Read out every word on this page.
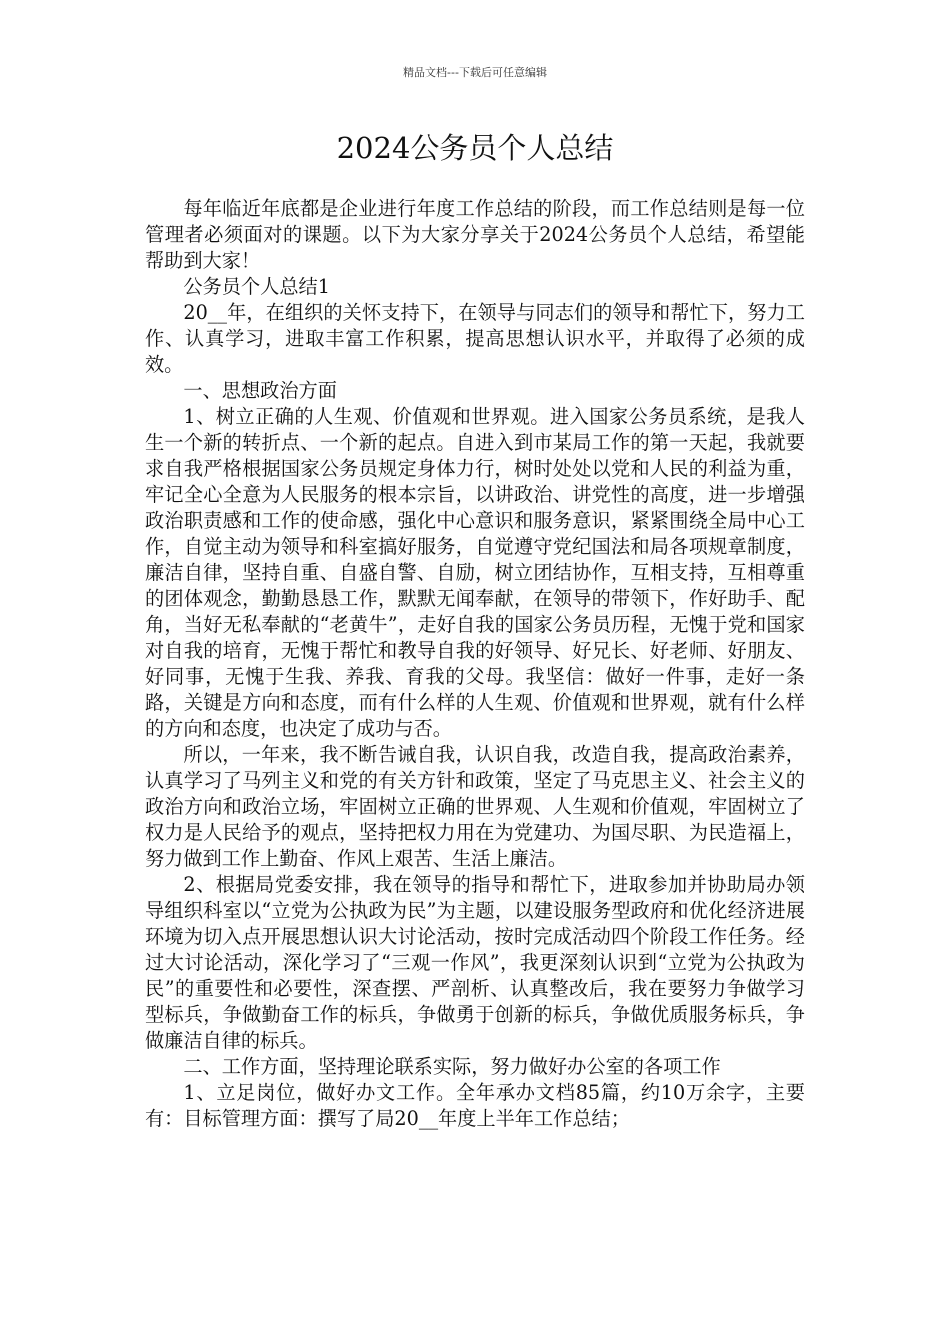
精品文档---下载后可任意编辑
2024公务员个人总结

每年临近年底都是企业进行年度工作总结的阶段，而工作总结则是每一位管理者必须面对的课题。以下为大家分享关于2024公务员个人总结，希望能帮助到大家！

公务员个人总结1

20__年，在组织的关怀支持下，在领导与同志们的领导和帮忙下，努力工作、认真学习，进取丰富工作积累，提高思想认识水平，并取得了必须的成效。

一、思想政治方面

1、树立正确的人生观、价值观和世界观。进入国家公务员系统，是我人生一个新的转折点、一个新的起点。自进入到市某局工作的第一天起，我就要求自我严格根据国家公务员规定身体力行，树时处处以党和人民的利益为重，牢记全心全意为人民服务的根本宗旨，以讲政治、讲党性的高度，进一步增强政治职责感和工作的使命感，强化中心意识和服务意识，紧紧围绕全局中心工作，自觉主动为领导和科室搞好服务，自觉遵守党纪国法和局各项规章制度，廉洁自律，坚持自重、自盛自警、自励，树立团结协作，互相支持，互相尊重的团体观念，勤勤恳恳工作，默默无闻奉献，在领导的带领下，作好助手、配角，当好无私奉献的“老黄牛”，走好自我的国家公务员历程，无愧于党和国家对自我的培育，无愧于帮忙和教导自我的好领导、好兄长、好老师、好朋友、好同事，无愧于生我、养我、育我的父母。我坚信：做好一件事，走好一条路，关键是方向和态度，而有什么样的人生观、价值观和世界观，就有什么样的方向和态度，也决定了成功与否。

所以，一年来，我不断告诫自我，认识自我，改造自我，提高政治素养，认真学习了马列主义和党的有关方针和政策，坚定了马克思主义、社会主义的政治方向和政治立场，牢固树立正确的世界观、人生观和价值观，牢固树立了权力是人民给予的观点，坚持把权力用在为党建功、为国尽职、为民造福上，努力做到工作上勤奋、作风上艰苦、生活上廉洁。

2、根据局党委安排，我在领导的指导和帮忙下，进取参加并协助局办领导组织科室以“立党为公执政为民”为主题，以建设服务型政府和优化经济进展环境为切入点开展思想认识大讨论活动，按时完成活动四个阶段工作任务。经过大讨论活动，深化学习了“三观一作风”，我更深刻认识到“立党为公执政为民”的重要性和必要性，深查摆、严剖析、认真整改后，我在要努力争做学习型标兵，争做勤奋工作的标兵，争做勇于创新的标兵，争做优质服务标兵，争做廉洁自律的标兵。

二、工作方面，坚持理论联系实际，努力做好办公室的各项工作

1、立足岗位，做好办文工作。全年承办文档85篇，约10万余字，主要有：目标管理方面：撰写了局20__年度上半年工作总结；
